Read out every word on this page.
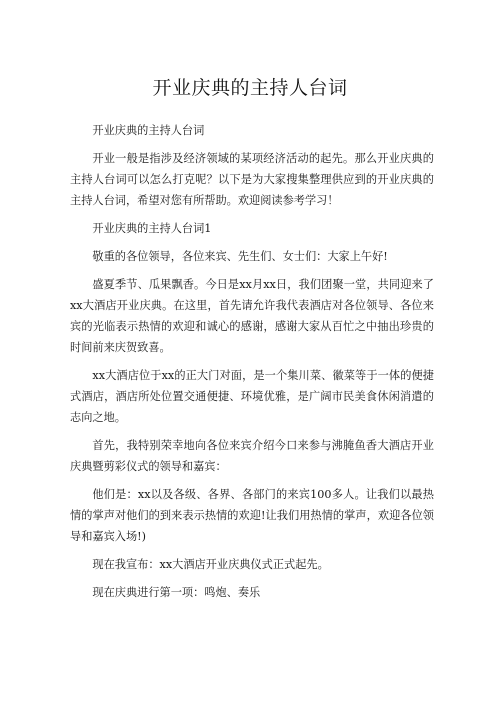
开业庆典的主持人台词

开业庆典的主持人台词

开业一般是指涉及经济领域的某项经济活动的起先。那么开业庆典的主持人台词可以怎么打克呢？以下是为大家搜集整理供应到的开业庆典的主持人台词，希望对您有所帮助。欢迎阅读参考学习！

开业庆典的主持人台词1

敬重的各位领导，各位来宾、先生们、女士们：大家上午好!

盛夏季节、瓜果飘香。今日是xx月xx日，我们团聚一堂，共同迎来了xx大酒店开业庆典。在这里，首先请允许我代表酒店对各位领导、各位来宾的光临表示热情的欢迎和诚心的感谢，感谢大家从百忙之中抽出珍贵的时间前来庆贺致喜。

xx大酒店位于xx的正大门对面，是一个集川菜、徽菜等于一体的便捷式酒店，酒店所处位置交通便捷、环境优雅，是广阔市民美食休闲消遣的志向之地。

首先，我特别荣幸地向各位来宾介绍今口来参与沸腌鱼香大酒店开业庆典暨剪彩仪式的领导和嘉宾：

他们是：xx以及各级、各界、各部门的来宾100多人。让我们以最热情的掌声对他们的到来表示热情的欢迎!让我们用热情的掌声，欢迎各位领导和嘉宾入场!)

现在我宣布：xx大酒店开业庆典仪式正式起先。

现在庆典进行第一项：鸣炮、奏乐
